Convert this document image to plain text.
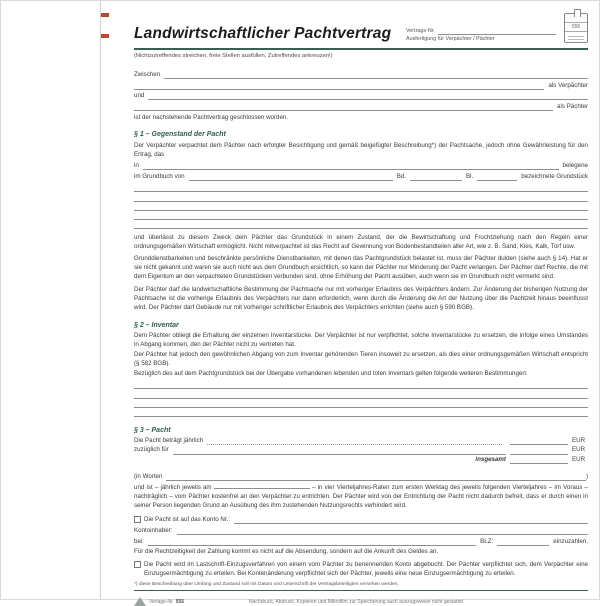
Landwirtschaftlicher Pachtvertrag	Vertrags-Nr.
Ausfertigung für Verpächter / Pächter
555
(Nichtzutreffendes streichen, freie Stellen ausfüllen, Zutreffendes ankreuzen!)
Zwischen
als Verpächter
und
als Pächter
ist der nachstehende Pachtvertrag geschlossen worden.
§ 1 – Gegenstand der Pacht

Der Verpächter verpachtet dem Pächter nach erfolgter Besichtigung und gemäß beigefügter Beschreibung*) der Pachtsache, jedoch ohne Gewährleistung für den Ertrag, das

in	belegene
im Grundbuch von	Bd.	Bl.	bezeichnete Grundstück

und überlässt zu diesem Zweck dem Pächter das Grundstück in einem Zustand, der die Bewirtschaftung und Fruchtziehung nach den Regeln einer ordnungsgemäßen Wirtschaft ermöglicht. Nicht mitverpachtet ist das Recht auf Gewinnung von Bodenbestandteilen aller Art, wie z. B. Sand, Kies, Kalk, Torf usw.

Grunddienstbarkeiten und beschränkte persönliche Dienstbarkeiten, mit denen das Pachtgrundstück belastet ist, muss der Pächter dulden (siehe auch § 14). Hat er sie nicht gekannt und waren sie auch nicht aus dem Grundbuch ersichtlich, so kann der Pächter nur Minderung der Pacht verlangen. Der Pächter darf Rechte, die mit dem Eigentum an den verpachteten Grundstücken verbunden sind, ohne Erhöhung der Pacht ausüben, auch wenn sie im Grundbuch nicht vermerkt sind.

Der Pächter darf die landwirtschaftliche Bestimmung der Pachtsache nur mit vorheriger Erlaubnis des Verpächters ändern. Zur Änderung der bisherigen Nutzung der Pachtsache ist die vorherige Erlaubnis des Verpächters nur dann erforderlich, wenn durch die Änderung die Art der Nutzung über die Pachtzeit hinaus beeinflusst wird. Der Pächter darf Gebäude nur mit vorheriger schriftlicher Erlaubnis des Verpächters errichten (siehe auch § 590 BGB).

§ 2 – Inventar

Dem Pächter obliegt die Erhaltung der einzelnen Inventarstücke. Der Verpächter ist nur verpflichtet, solche Inventarstücke zu ersetzen, die infolge eines Umstandes in Abgang kommen, den der Pächter nicht zu vertreten hat.

Der Pächter hat jedoch den gewöhnlichen Abgang von zum Inventar gehörenden Tieren insoweit zu ersetzen, als dies einer ordnungsgemäßen Wirtschaft entspricht (§ 582 BGB).

Bezüglich des auf dem Pachtgrundstück bei der Übergabe vorhandenen lebenden und toten Inventars gelten folgende weiteren Bestimmungen:

§ 3 – Pacht
Die Pacht beträgt jährlich	EUR
zuzüglich für	EUR
insgesamt	EUR
(in Worten	)

und ist – jährlich jeweils am	– in vier Vierteljahres-Raten zum ersten Werktag des jeweils folgenden Vierteljahres – im Voraus – nachträglich – vom Pächter kostenfrei an den Verpächter zu entrichten. Der Pächter wird von der Entrichtung der Pacht nicht dadurch befreit, dass er durch einen in seiner Person liegenden Grund an Ausübung des ihm zustehenden Nutzungsrechts verhindert wird.

Die Pacht ist auf das Konto Nr.:
Kontoinhaber:
bei:	BLZ:	einzuzahlen.

Für die Rechtzeitigkeit der Zahlung kommt es nicht auf die Absendung, sondern auf die Ankunft des Geldes an.

Die Pacht wird im Lastschrift-Einzugsverfahren von einem vom Pächter zu benennenden Konto abgebucht. Der Pächter verpflichtet sich, dem Verpächter eine Einzugsermächtigung zu erteilen. Bei Kontenänderung verpflichtet sich der Pächter, jeweils eine neue Einzugsermächtigung zu erteilen.

*) diese Beschreibung über Umfang und Zustand soll mit Datum und Unterschrift der Vertragsbeteiligten versehen werden.
Verlags-Nr. 555	Nachdruck, Abdruck, Kopieren und Mikrofilm zur Speicherung auch auszugsweise nicht gestattet
